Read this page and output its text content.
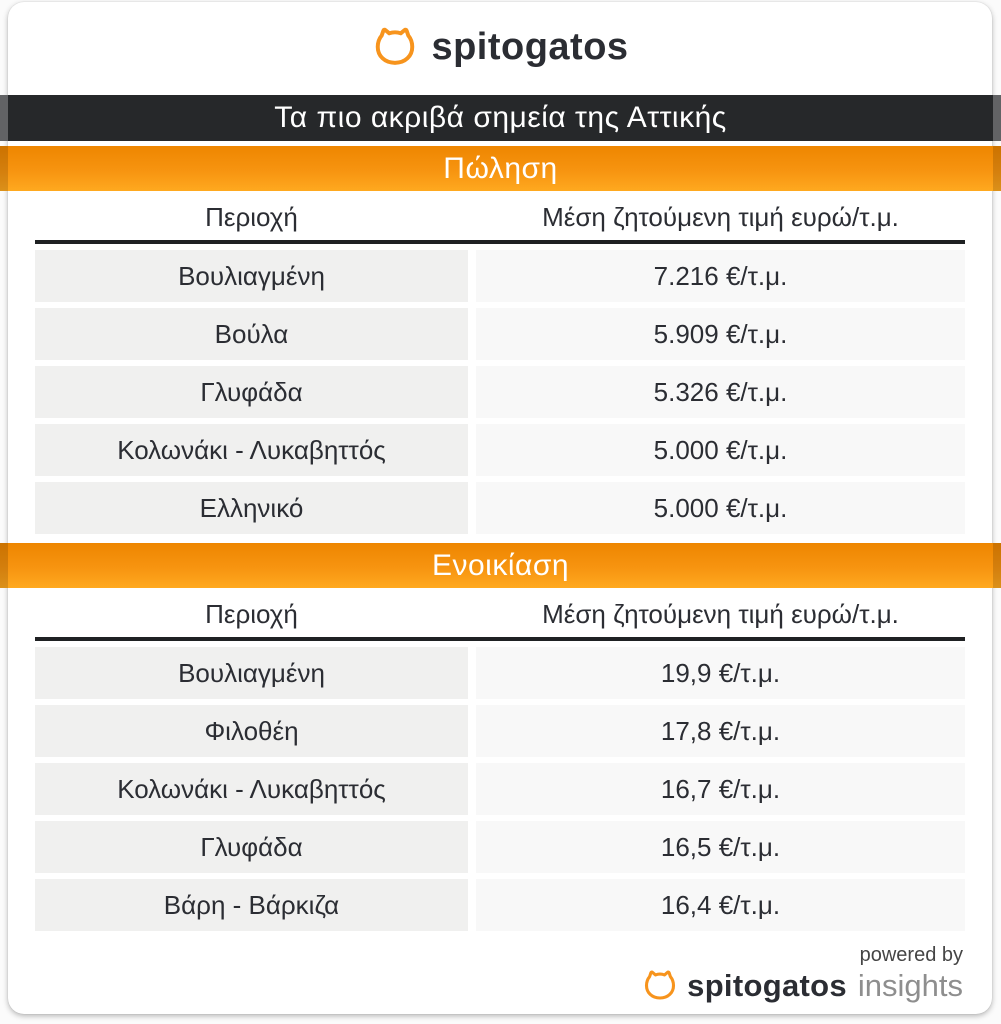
spitogatos
Τα πιο ακριβά σημεία της Αττικής
Πώληση
Περιοχή	Μέση ζητούμενη τιμή ευρώ/τ.μ.
Βουλιαγμένη	7.216 €/τ.μ.
Βούλα	5.909 €/τ.μ.
Γλυφάδα	5.326 €/τ.μ.
Κολωνάκι - Λυκαβηττός	5.000 €/τ.μ.
Ελληνικό	5.000 €/τ.μ.
Ενοικίαση
Περιοχή	Μέση ζητούμενη τιμή ευρώ/τ.μ.
Βουλιαγμένη	19,9 €/τ.μ.
Φιλοθέη	17,8 €/τ.μ.
Κολωνάκι - Λυκαβηττός	16,7 €/τ.μ.
Γλυφάδα	16,5 €/τ.μ.
Βάρη - Βάρκιζα	16,4 €/τ.μ.
powered by
spitogatos insights
